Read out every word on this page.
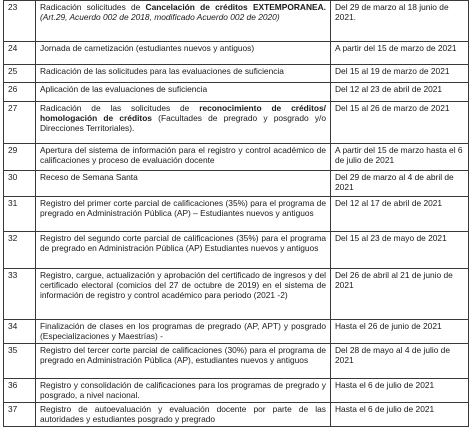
23	Radicación solicitudes de Cancelación de créditos EXTEMPORANEA. (Art.29, Acuerdo 002 de 2018, modificado Acuerdo 002 de 2020)	Del 29 de marzo al 18 junio de 2021.
24	Jornada de carnetización (estudiantes nuevos y antiguos)	A partir del 15 de marzo de 2021
25	Radicación de las solicitudes para las evaluaciones de suficiencia	Del 15 al 19 de marzo de 2021
26	Aplicación de las evaluaciones de suficiencia	Del 12 al 23 de abril de 2021
27	Radicación de las solicitudes de reconocimiento de créditos/ homologación de créditos (Facultades de pregrado y posgrado y/o Direcciones Territoriales).	Del 15 al 26 de marzo de 2021
29	Apertura del sistema de información para el registro y control académico de calificaciones y proceso de evaluación docente	A partir del 15 de marzo hasta el 6 de julio de 2021
30	Receso de Semana Santa	Del 29 de marzo al 4 de abril de 2021
31	Registro del primer corte parcial de calificaciones (35%) para el programa de pregrado en Administración Pública (AP) – Estudiantes nuevos y antiguos	Del 12 al 17 de abril de 2021
32	Registro del segundo corte parcial de calificaciones (35%) para el programa de pregrado en Administración Pública (AP) Estudiantes nuevos y antiguos	Del 15 al 23 de mayo de 2021
33	Registro, cargue, actualización y aprobación del certificado de ingresos y del certificado electoral (comicios del 27 de octubre de 2019) en el sistema de información de registro y control académico para periodo (2021 -2)	Del 26 de abril al 21 de junio de 2021
34	Finalización de clases en los programas de pregrado (AP, APT) y posgrado (Especializaciones y Maestrías) -	Hasta el 26 de junio de 2021
35	Registro del tercer corte parcial de calificaciones (30%) para el programa de pregrado en Administración Pública (AP), estudiantes nuevos y antiguos	Del 28 de mayo al 4 de julio de 2021
36	Registro y consolidación de calificaciones para los programas de pregrado y posgrado, a nivel nacional.	Hasta el 6 de julio de 2021
37	Registro de autoevaluación y evaluación docente por parte de las autoridades y estudiantes posgrado y pregrado	Hasta el 6 de julio de 2021
